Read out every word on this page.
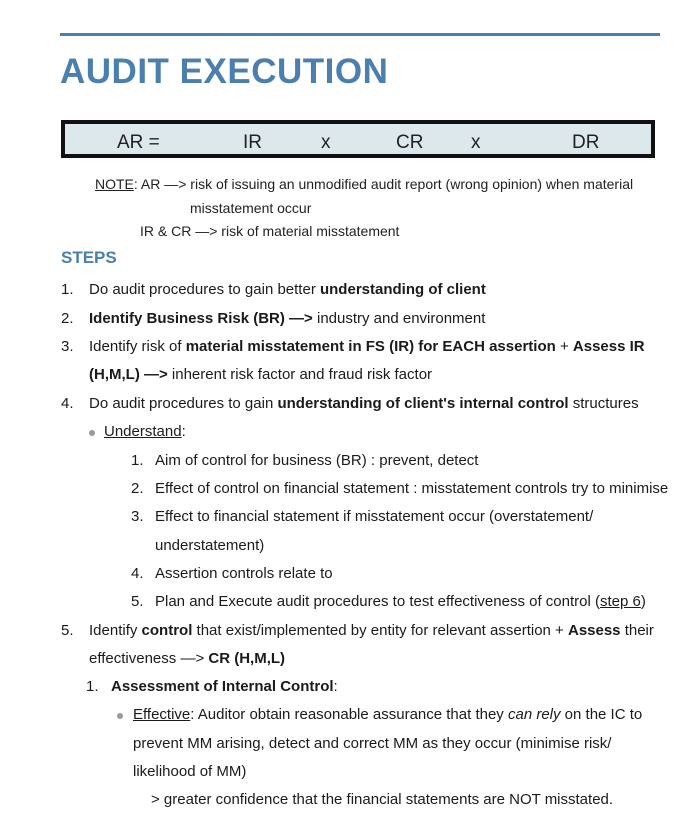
AUDIT EXECUTION
AR =	IR	x	CR	x	DR
NOTE: AR —> risk of issuing an unmodified audit report (wrong opinion) when material
misstatement occur
IR & CR —> risk of material misstatement
STEPS
1. Do audit procedures to gain better understanding of client
2. Identify Business Risk (BR) —> industry and environment
3. Identify risk of material misstatement in FS (IR) for EACH assertion + Assess IR
(H,M,L) —> inherent risk factor and fraud risk factor
4. Do audit procedures to gain understanding of client's internal control structures
Understand:
1. Aim of control for business (BR) : prevent, detect
2. Effect of control on financial statement : misstatement controls try to minimise
3. Effect to financial statement if misstatement occur (overstatement/
understatement)
4. Assertion controls relate to
5. Plan and Execute audit procedures to test effectiveness of control (step 6)
5. Identify control that exist/implemented by entity for relevant assertion + Assess their
effectiveness —> CR (H,M,L)
1. Assessment of Internal Control:
Effective: Auditor obtain reasonable assurance that they can rely on the IC to
prevent MM arising, detect and correct MM as they occur (minimise risk/
likelihood of MM)
> greater confidence that the financial statements are NOT misstated.
